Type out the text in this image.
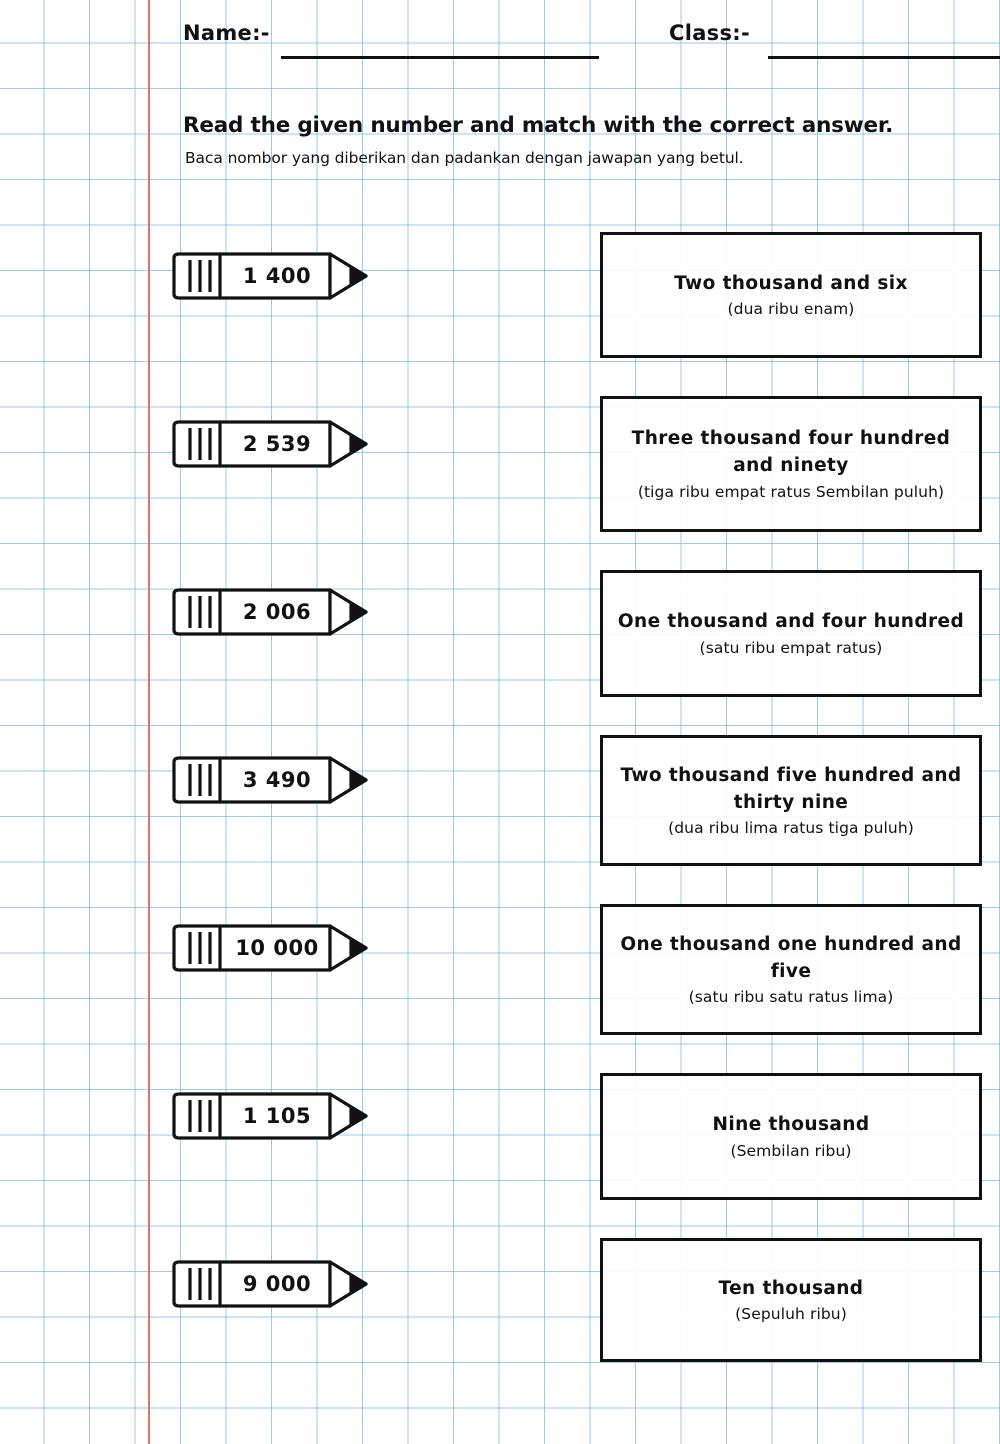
Name:-	Class:-
Read the given number and match with the correct answer.
Baca nombor yang diberikan dan padankan dengan jawapan yang betul.
1 400
2 539
2 006
3 490
10 000
1 105
9 000
Two thousand and six
(dua ribu enam)
Three thousand four hundred and ninety
(tiga ribu empat ratus Sembilan puluh)
One thousand and four hundred
(satu ribu empat ratus)
Two thousand five hundred and thirty nine
(dua ribu lima ratus tiga puluh)
One thousand one hundred and five
(satu ribu satu ratus lima)
Nine thousand
(Sembilan ribu)
Ten thousand
(Sepuluh ribu)
